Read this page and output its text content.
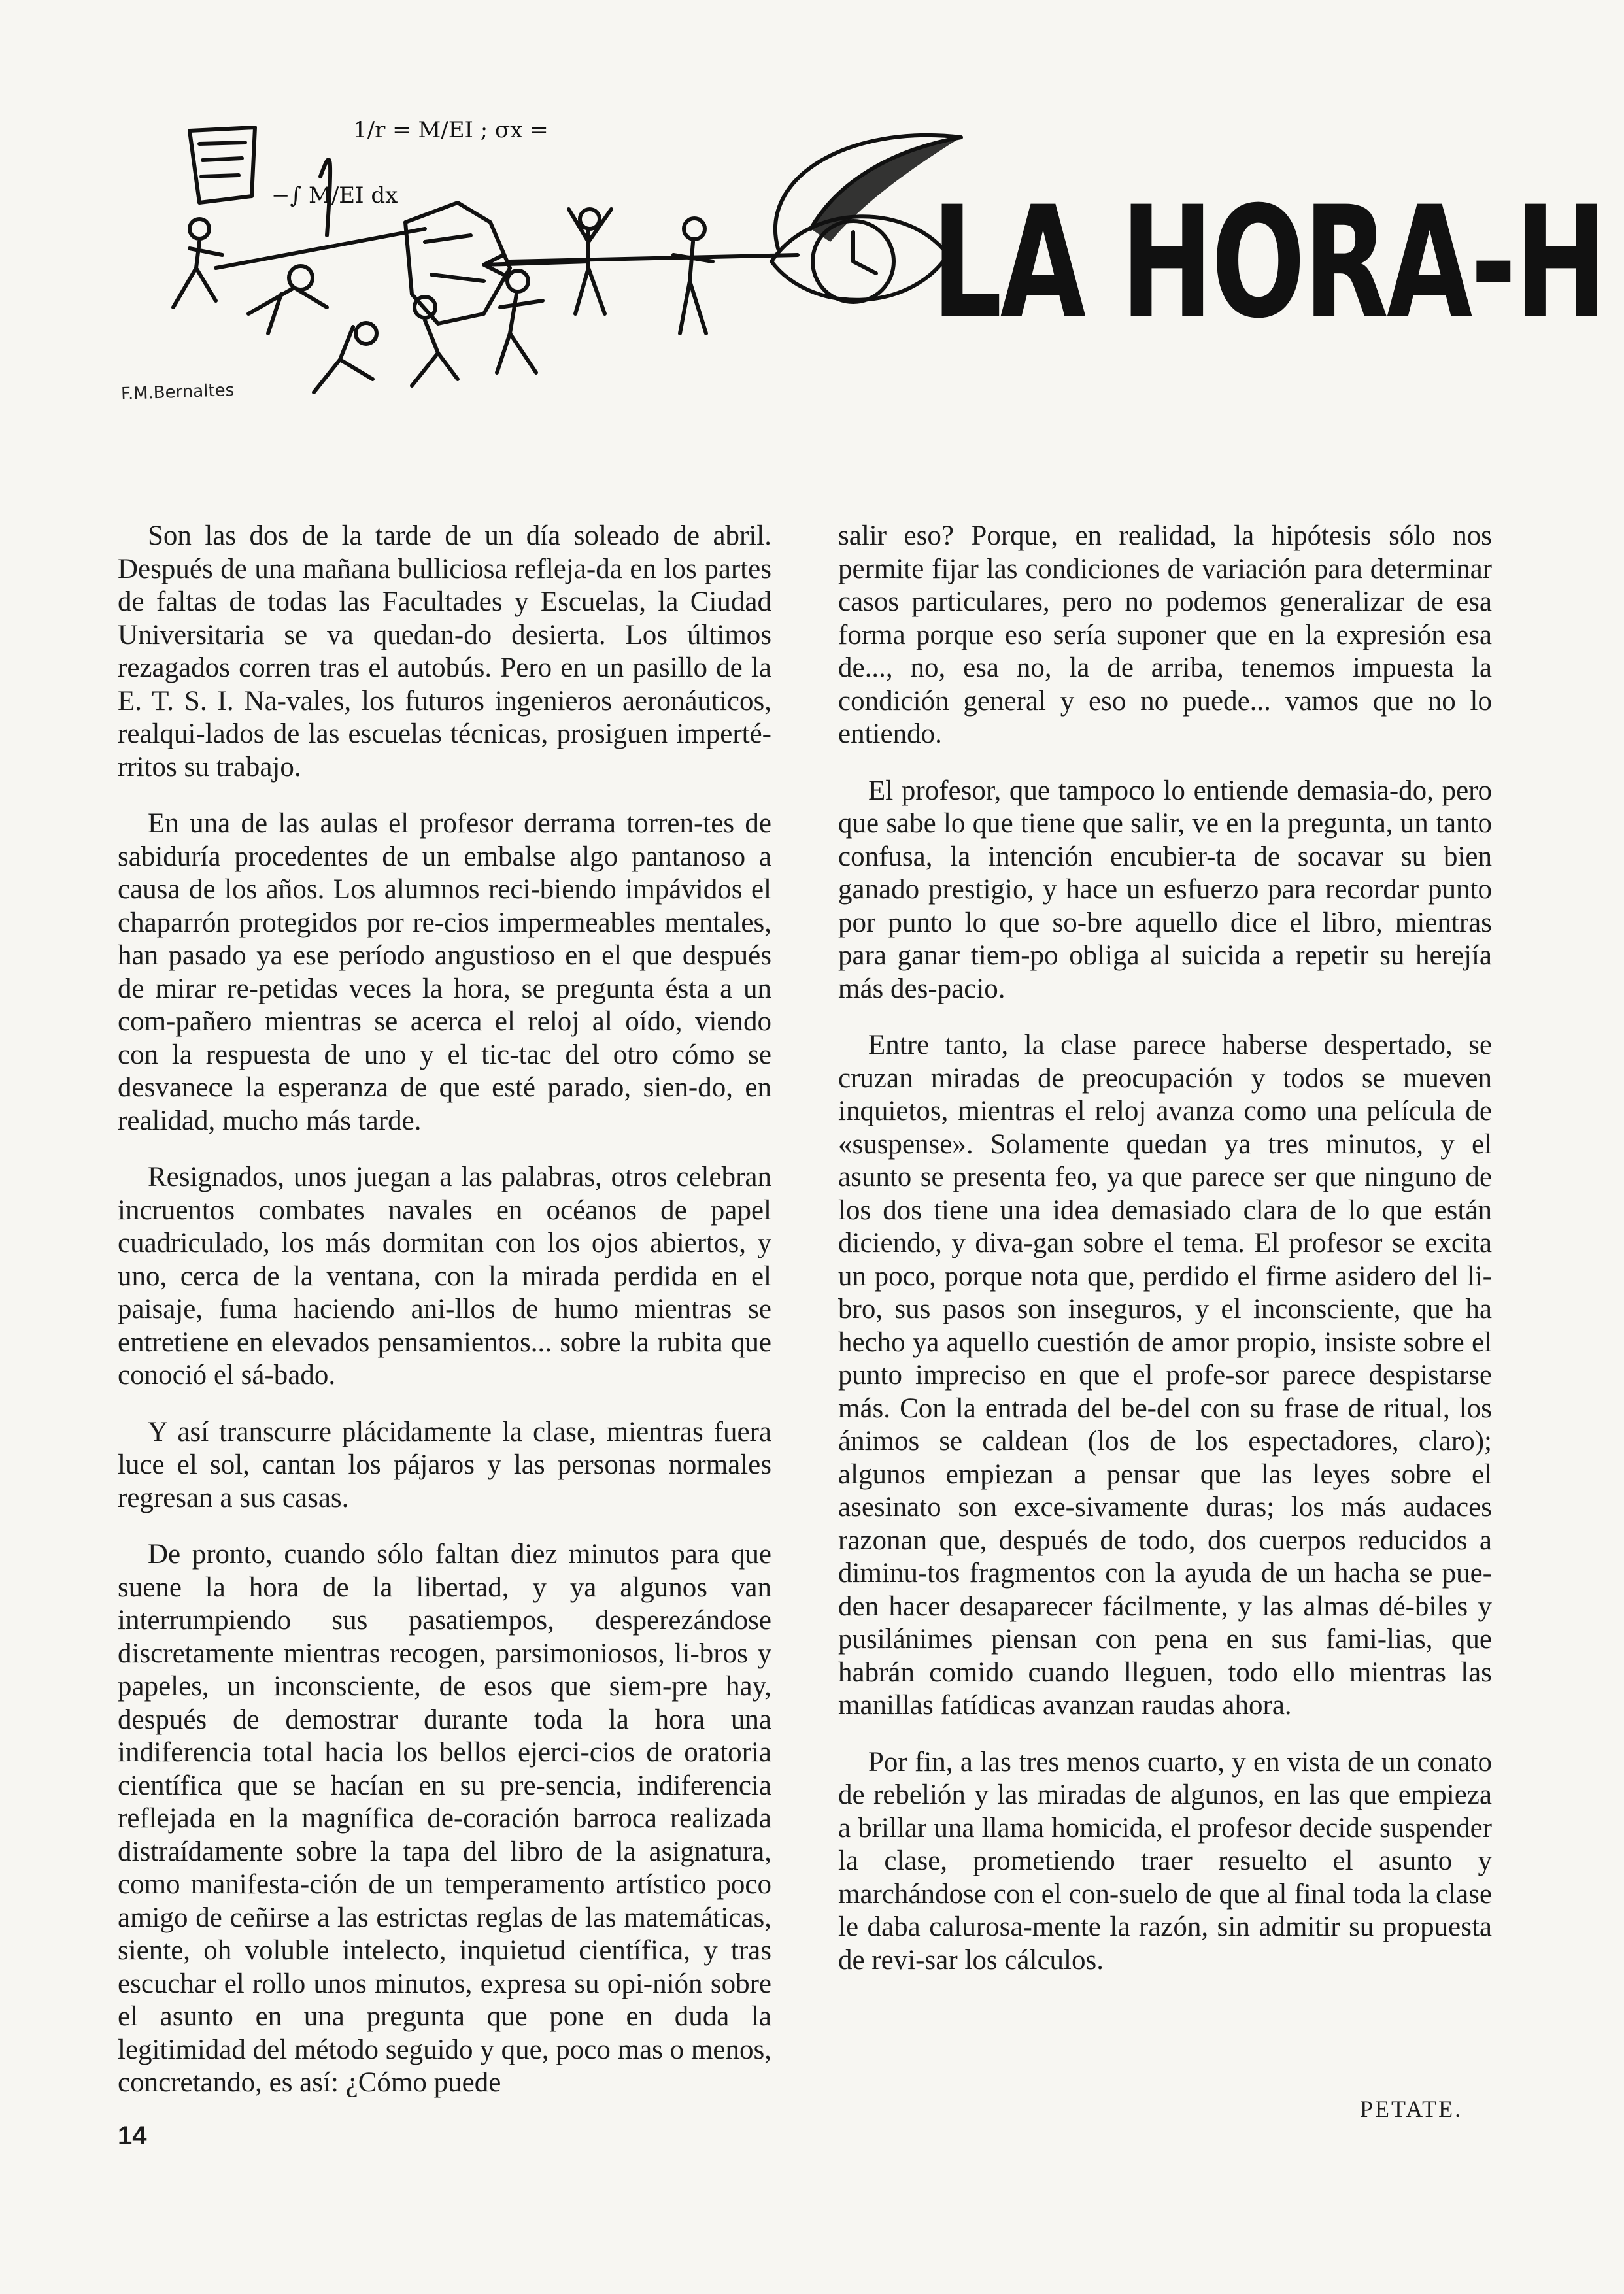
1/r = M/EI ; σx =
−∫ M/EI dx	LA HORA-H
F.M.Bernaltes

Son las dos de la tarde de un día soleado de abril. Después de una mañana bulliciosa refleja-da en los partes de faltas de todas las Facultades y Escuelas, la Ciudad Universitaria se va quedan-do desierta. Los últimos rezagados corren tras el autobús. Pero en un pasillo de la E. T. S. I. Na-vales, los futuros ingenieros aeronáuticos, realqui-lados de las escuelas técnicas, prosiguen imperté-rritos su trabajo.

En una de las aulas el profesor derrama torren-tes de sabiduría procedentes de un embalse algo pantanoso a causa de los años. Los alumnos reci-biendo impávidos el chaparrón protegidos por re-cios impermeables mentales, han pasado ya ese período angustioso en el que después de mirar re-petidas veces la hora, se pregunta ésta a un com-pañero mientras se acerca el reloj al oído, viendo con la respuesta de uno y el tic-tac del otro cómo se desvanece la esperanza de que esté parado, sien-do, en realidad, mucho más tarde.

Resignados, unos juegan a las palabras, otros celebran incruentos combates navales en océanos de papel cuadriculado, los más dormitan con los ojos abiertos, y uno, cerca de la ventana, con la mirada perdida en el paisaje, fuma haciendo ani-llos de humo mientras se entretiene en elevados pensamientos... sobre la rubita que conoció el sá-bado.

Y así transcurre plácidamente la clase, mientras fuera luce el sol, cantan los pájaros y las personas normales regresan a sus casas.

De pronto, cuando sólo faltan diez minutos para que suene la hora de la libertad, y ya algunos van interrumpiendo sus pasatiempos, desperezándose discretamente mientras recogen, parsimoniosos, li-bros y papeles, un inconsciente, de esos que siem-pre hay, después de demostrar durante toda la hora una indiferencia total hacia los bellos ejerci-cios de oratoria científica que se hacían en su pre-sencia, indiferencia reflejada en la magnífica de-coración barroca realizada distraídamente sobre la tapa del libro de la asignatura, como manifesta-ción de un temperamento artístico poco amigo de ceñirse a las estrictas reglas de las matemáticas, siente, oh voluble intelecto, inquietud científica, y tras escuchar el rollo unos minutos, expresa su opi-nión sobre el asunto en una pregunta que pone en duda la legitimidad del método seguido y que, poco mas o menos, concretando, es así: ¿Cómo puede

salir eso? Porque, en realidad, la hipótesis sólo nos permite fijar las condiciones de variación para determinar casos particulares, pero no podemos generalizar de esa forma porque eso sería suponer que en la expresión esa de..., no, esa no, la de arriba, tenemos impuesta la condición general y eso no puede... vamos que no lo entiendo.

El profesor, que tampoco lo entiende demasia-do, pero que sabe lo que tiene que salir, ve en la pregunta, un tanto confusa, la intención encubier-ta de socavar su bien ganado prestigio, y hace un esfuerzo para recordar punto por punto lo que so-bre aquello dice el libro, mientras para ganar tiem-po obliga al suicida a repetir su herejía más des-pacio.

Entre tanto, la clase parece haberse despertado, se cruzan miradas de preocupación y todos se mueven inquietos, mientras el reloj avanza como una película de «suspense». Solamente quedan ya tres minutos, y el asunto se presenta feo, ya que parece ser que ninguno de los dos tiene una idea demasiado clara de lo que están diciendo, y diva-gan sobre el tema. El profesor se excita un poco, porque nota que, perdido el firme asidero del li-bro, sus pasos son inseguros, y el inconsciente, que ha hecho ya aquello cuestión de amor propio, insiste sobre el punto impreciso en que el profe-sor parece despistarse más. Con la entrada del be-del con su frase de ritual, los ánimos se caldean (los de los espectadores, claro); algunos empiezan a pensar que las leyes sobre el asesinato son exce-sivamente duras; los más audaces razonan que, después de todo, dos cuerpos reducidos a diminu-tos fragmentos con la ayuda de un hacha se pue-den hacer desaparecer fácilmente, y las almas dé-biles y pusilánimes piensan con pena en sus fami-lias, que habrán comido cuando lleguen, todo ello mientras las manillas fatídicas avanzan raudas ahora.

Por fin, a las tres menos cuarto, y en vista de un conato de rebelión y las miradas de algunos, en las que empieza a brillar una llama homicida, el profesor decide suspender la clase, prometiendo traer resuelto el asunto y marchándose con el con-suelo de que al final toda la clase le daba calurosa-mente la razón, sin admitir su propuesta de revi-sar los cálculos.

PETATE.
14
